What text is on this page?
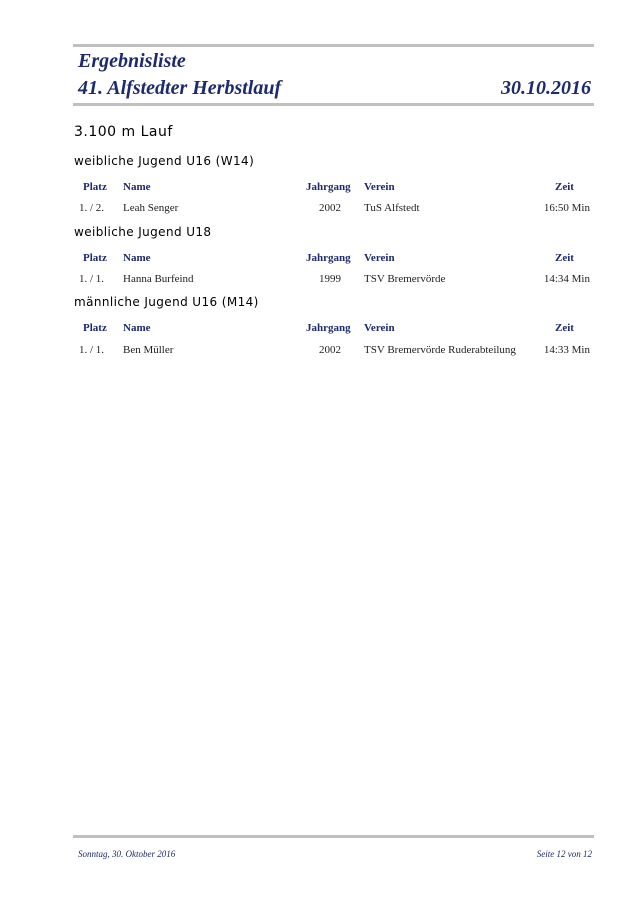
Ergebnisliste
41. Alfstedter Herbstlauf	30.10.2016
3.100 m Lauf
weibliche Jugend U16 (W14)
Platz Name	Jahrgang Verein	Zeit
1. / 2. Leah Senger	2002 TuS Alfstedt	16:50 Min
weibliche Jugend U18
Platz Name	Jahrgang Verein	Zeit
1. / 1. Hanna Burfeind	1999 TSV Bremervörde	14:34 Min
männliche Jugend U16 (M14)
Platz Name	Jahrgang Verein	Zeit
1. / 1. Ben Müller	2002 TSV Bremervörde Ruderabteilung	14:33 Min
Sonntag, 30. Oktober 2016	Seite 12 von 12
